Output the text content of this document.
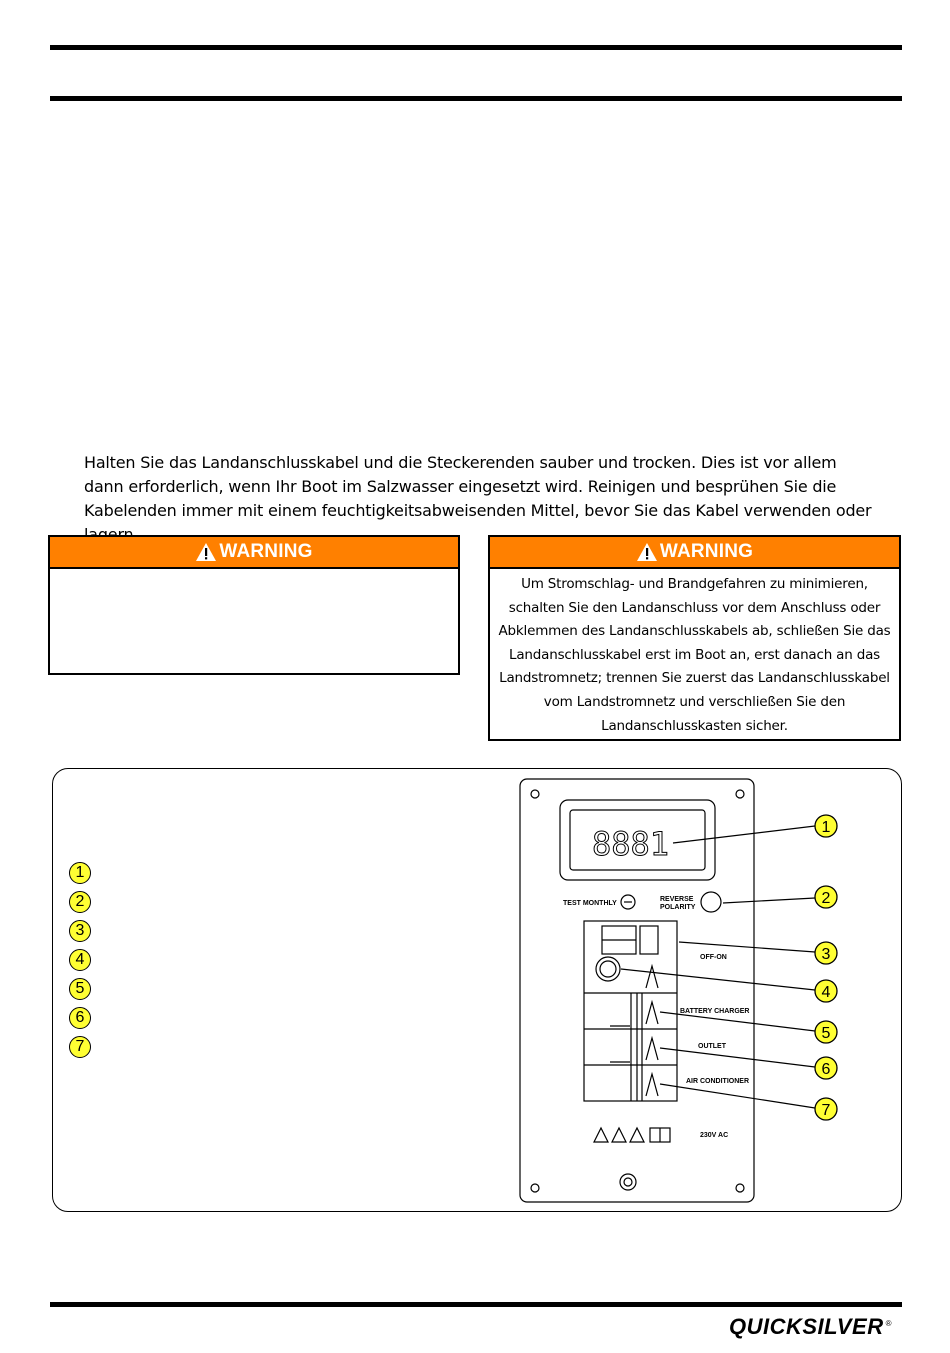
Halten Sie das Landanschlusskabel und die Steckerenden sauber und trocken. Dies ist vor allem dann erforderlich, wenn Ihr Boot im Salzwasser eingesetzt wird. Reinigen und besprühen Sie die Kabelenden immer mit einem feuchtigkeitsabweisenden Mittel, bevor Sie das Kabel verwenden oder

WARNING	WARNING
Um Stromschlag- und Brandgefahren zu minimieren, schalten Sie den Landanschluss vor dem Anschluss oder Abklemmen des Landanschlusskabels ab, schließen Sie das Landanschlusskabel erst im Boot an, erst danach an das Landstromnetz; trennen Sie zuerst das Landanschlusskabel vom Landstromnetz und verschließen Sie den Landanschlusskasten sicher.
1
2
3
4
5
6
7
8881
TEST MONTHLY
REVERSE
POLARITY
OFF-ON
BATTERY CHARGER
OUTLET
AIR CONDITIONER
230V AC
1
2
3
4
5
6
7
QUICKSILVER ®
